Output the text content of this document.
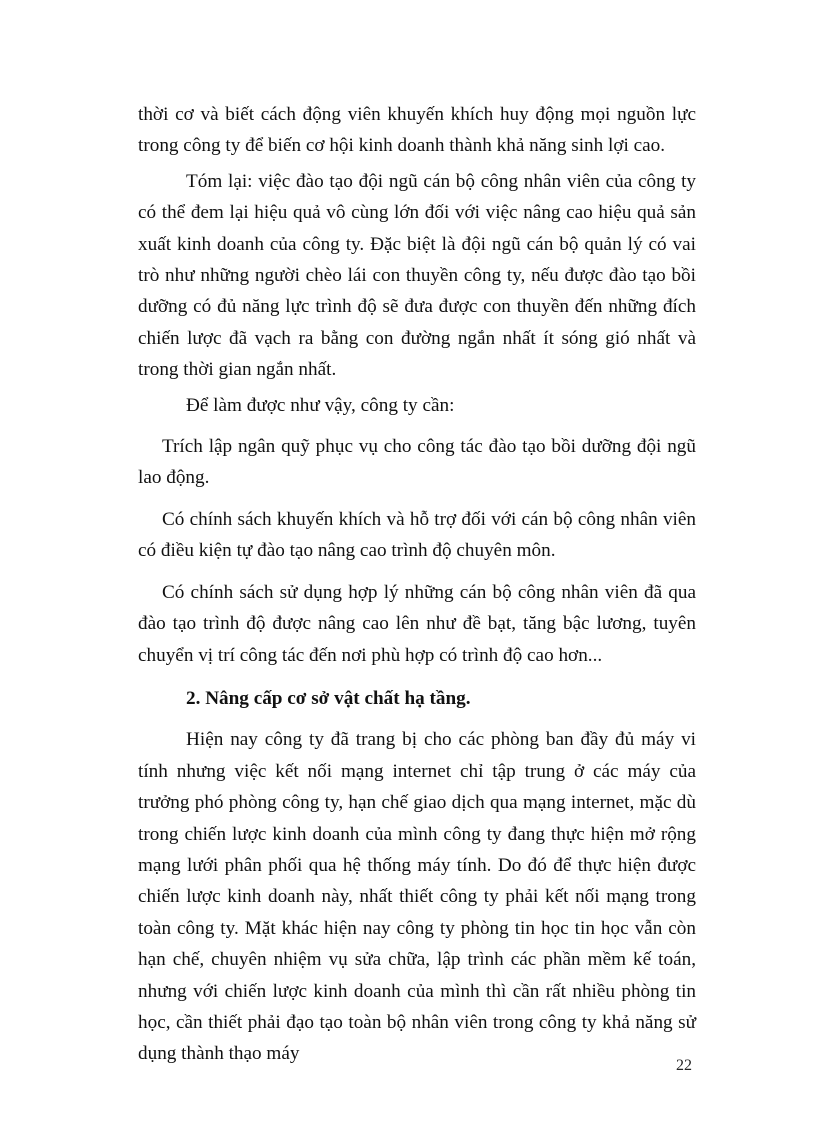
thời cơ và biết cách động viên khuyến khích huy động mọi nguồn lực trong công ty để biến cơ hội kinh doanh thành khả năng sinh lợi cao.

Tóm lại: việc đào tạo đội ngũ cán bộ công nhân viên của công ty có thể đem lại hiệu quả vô cùng lớn đối với việc nâng cao hiệu quả sản xuất kinh doanh của công ty. Đặc biệt là đội ngũ cán bộ quản lý có vai trò như những người chèo lái con thuyền công ty, nếu được đào tạo bồi dưỡng có đủ năng lực trình độ sẽ đưa được con thuyền đến những đích chiến lược đã vạch ra bằng con đường ngắn nhất ít sóng gió nhất và trong thời gian ngắn nhất.

Để làm được như vậy, công ty cần:

Trích lập ngân quỹ phục vụ cho công tác đào tạo bồi dưỡng đội ngũ lao động.

Có chính sách khuyến khích và hỗ trợ đối với cán bộ công nhân viên có điều kiện tự đào tạo nâng cao trình độ chuyên môn.

Có chính sách sử dụng hợp lý những cán bộ công nhân viên đã qua đào tạo trình độ được nâng cao lên như đề bạt, tăng bậc lương, tuyên chuyển vị trí công tác đến nơi phù hợp có trình độ cao hơn...

2. Nâng cấp cơ sở vật chất hạ tầng.

Hiện nay công ty đã trang bị cho các phòng ban đầy đủ máy vi tính nhưng việc kết nối mạng internet chỉ tập trung ở các máy của trưởng phó phòng công ty, hạn chế giao dịch qua mạng internet, mặc dù trong chiến lược kinh doanh của mình công ty đang thực hiện mở rộng mạng lưới phân phối qua hệ thống máy tính. Do đó để thực hiện được chiến lược kinh doanh này, nhất thiết công ty phải kết nối mạng trong toàn công ty. Mặt khác hiện nay công ty phòng tin học tin học vẫn còn hạn chế, chuyên nhiệm vụ sửa chữa, lập trình các phần mềm kế toán, nhưng với chiến lược kinh doanh của mình thì cần rất nhiều phòng tin học, cần thiết phải đạo tạo toàn bộ nhân viên trong công ty khả năng sử dụng thành thạo máy

22
